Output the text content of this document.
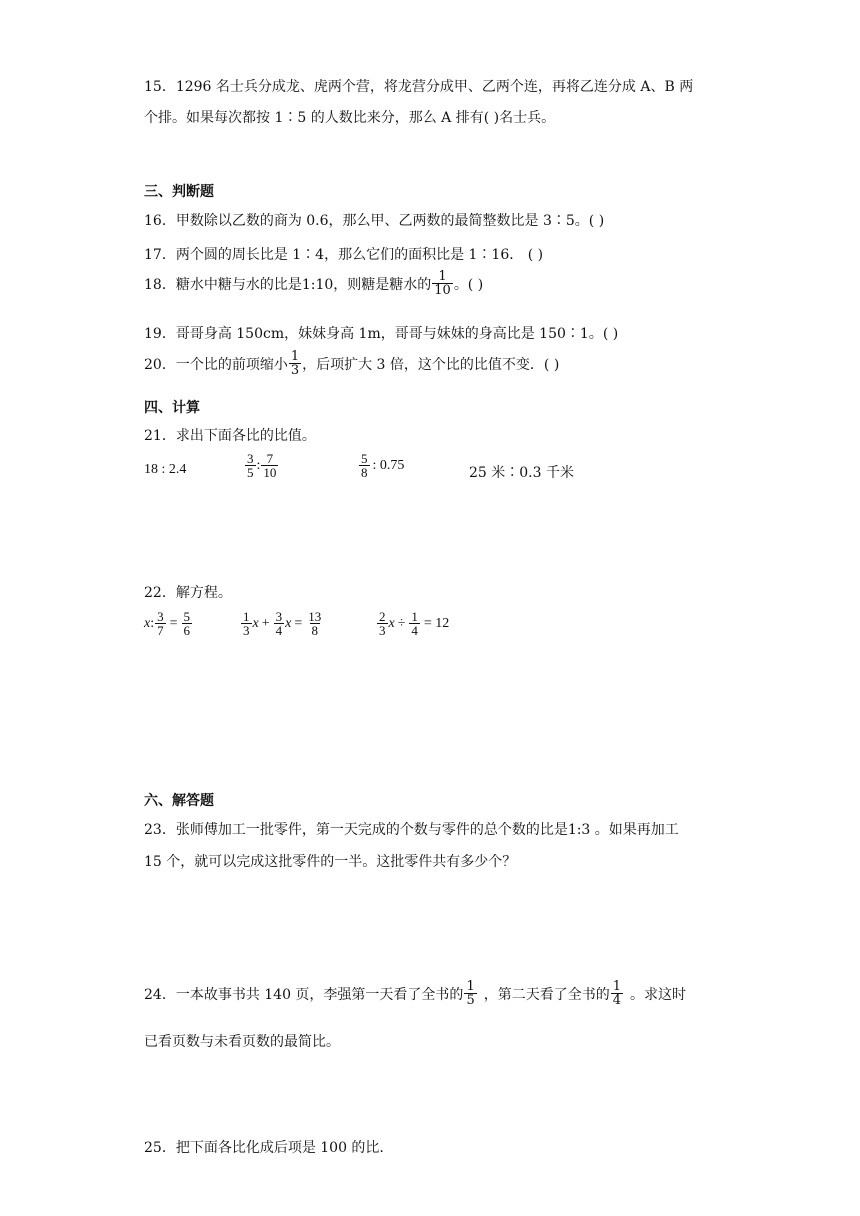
15．1296 名士兵分成龙、虎两个营，将龙营分成甲、乙两个连，再将乙连分成 A、B 两
个排。如果每次都按 1∶5 的人数比来分，那么 A 排有( )名士兵。
三、判断题
16．甲数除以乙数的商为 0.6，那么甲、乙两数的最简整数比是 3∶5。( )
17．两个圆的周长比是 1∶4，那么它们的面积比是 1∶16． ( )
18．糖水中糖与水的比是1:10，则糖是糖水的 $\frac{1}{10}$ 。( )
19．哥哥身高 150cm，妹妹身高 1m，哥哥与妹妹的身高比是 150∶1。( )
20．一个比的前项缩小 $\frac{1}{3}$ ，后项扩大 3 倍，这个比的比值不变．( )
四、计算
21．求出下面各比的比值。
18 : 2.4	$\frac{3}{5}$ : $\frac{7}{10}$	$\frac{5}{8}$ : 0.75	25 米∶0.3 千米
22．解方程。
x : $\frac{3}{7} = \frac{5}{6}$	$\frac{1}{3}$ $x + \frac{3}{4}$ $x = \frac{13}{8}$	$\frac{2}{3}$ $x \div \frac{1}{4} = 12$
六、解答题
23．张师傅加工一批零件，第一天完成的个数与零件的总个数的比是1:3 。如果再加工
15 个，就可以完成这批零件的一半。这批零件共有多少个？
24．一本故事书共 140 页，李强第一天看了全书的 $\frac{1}{5}$ ，第二天看了全书的 $\frac{1}{4}$ 。求这时
已看页数与未看页数的最简比。
25．把下面各比化成后项是 100 的比.
